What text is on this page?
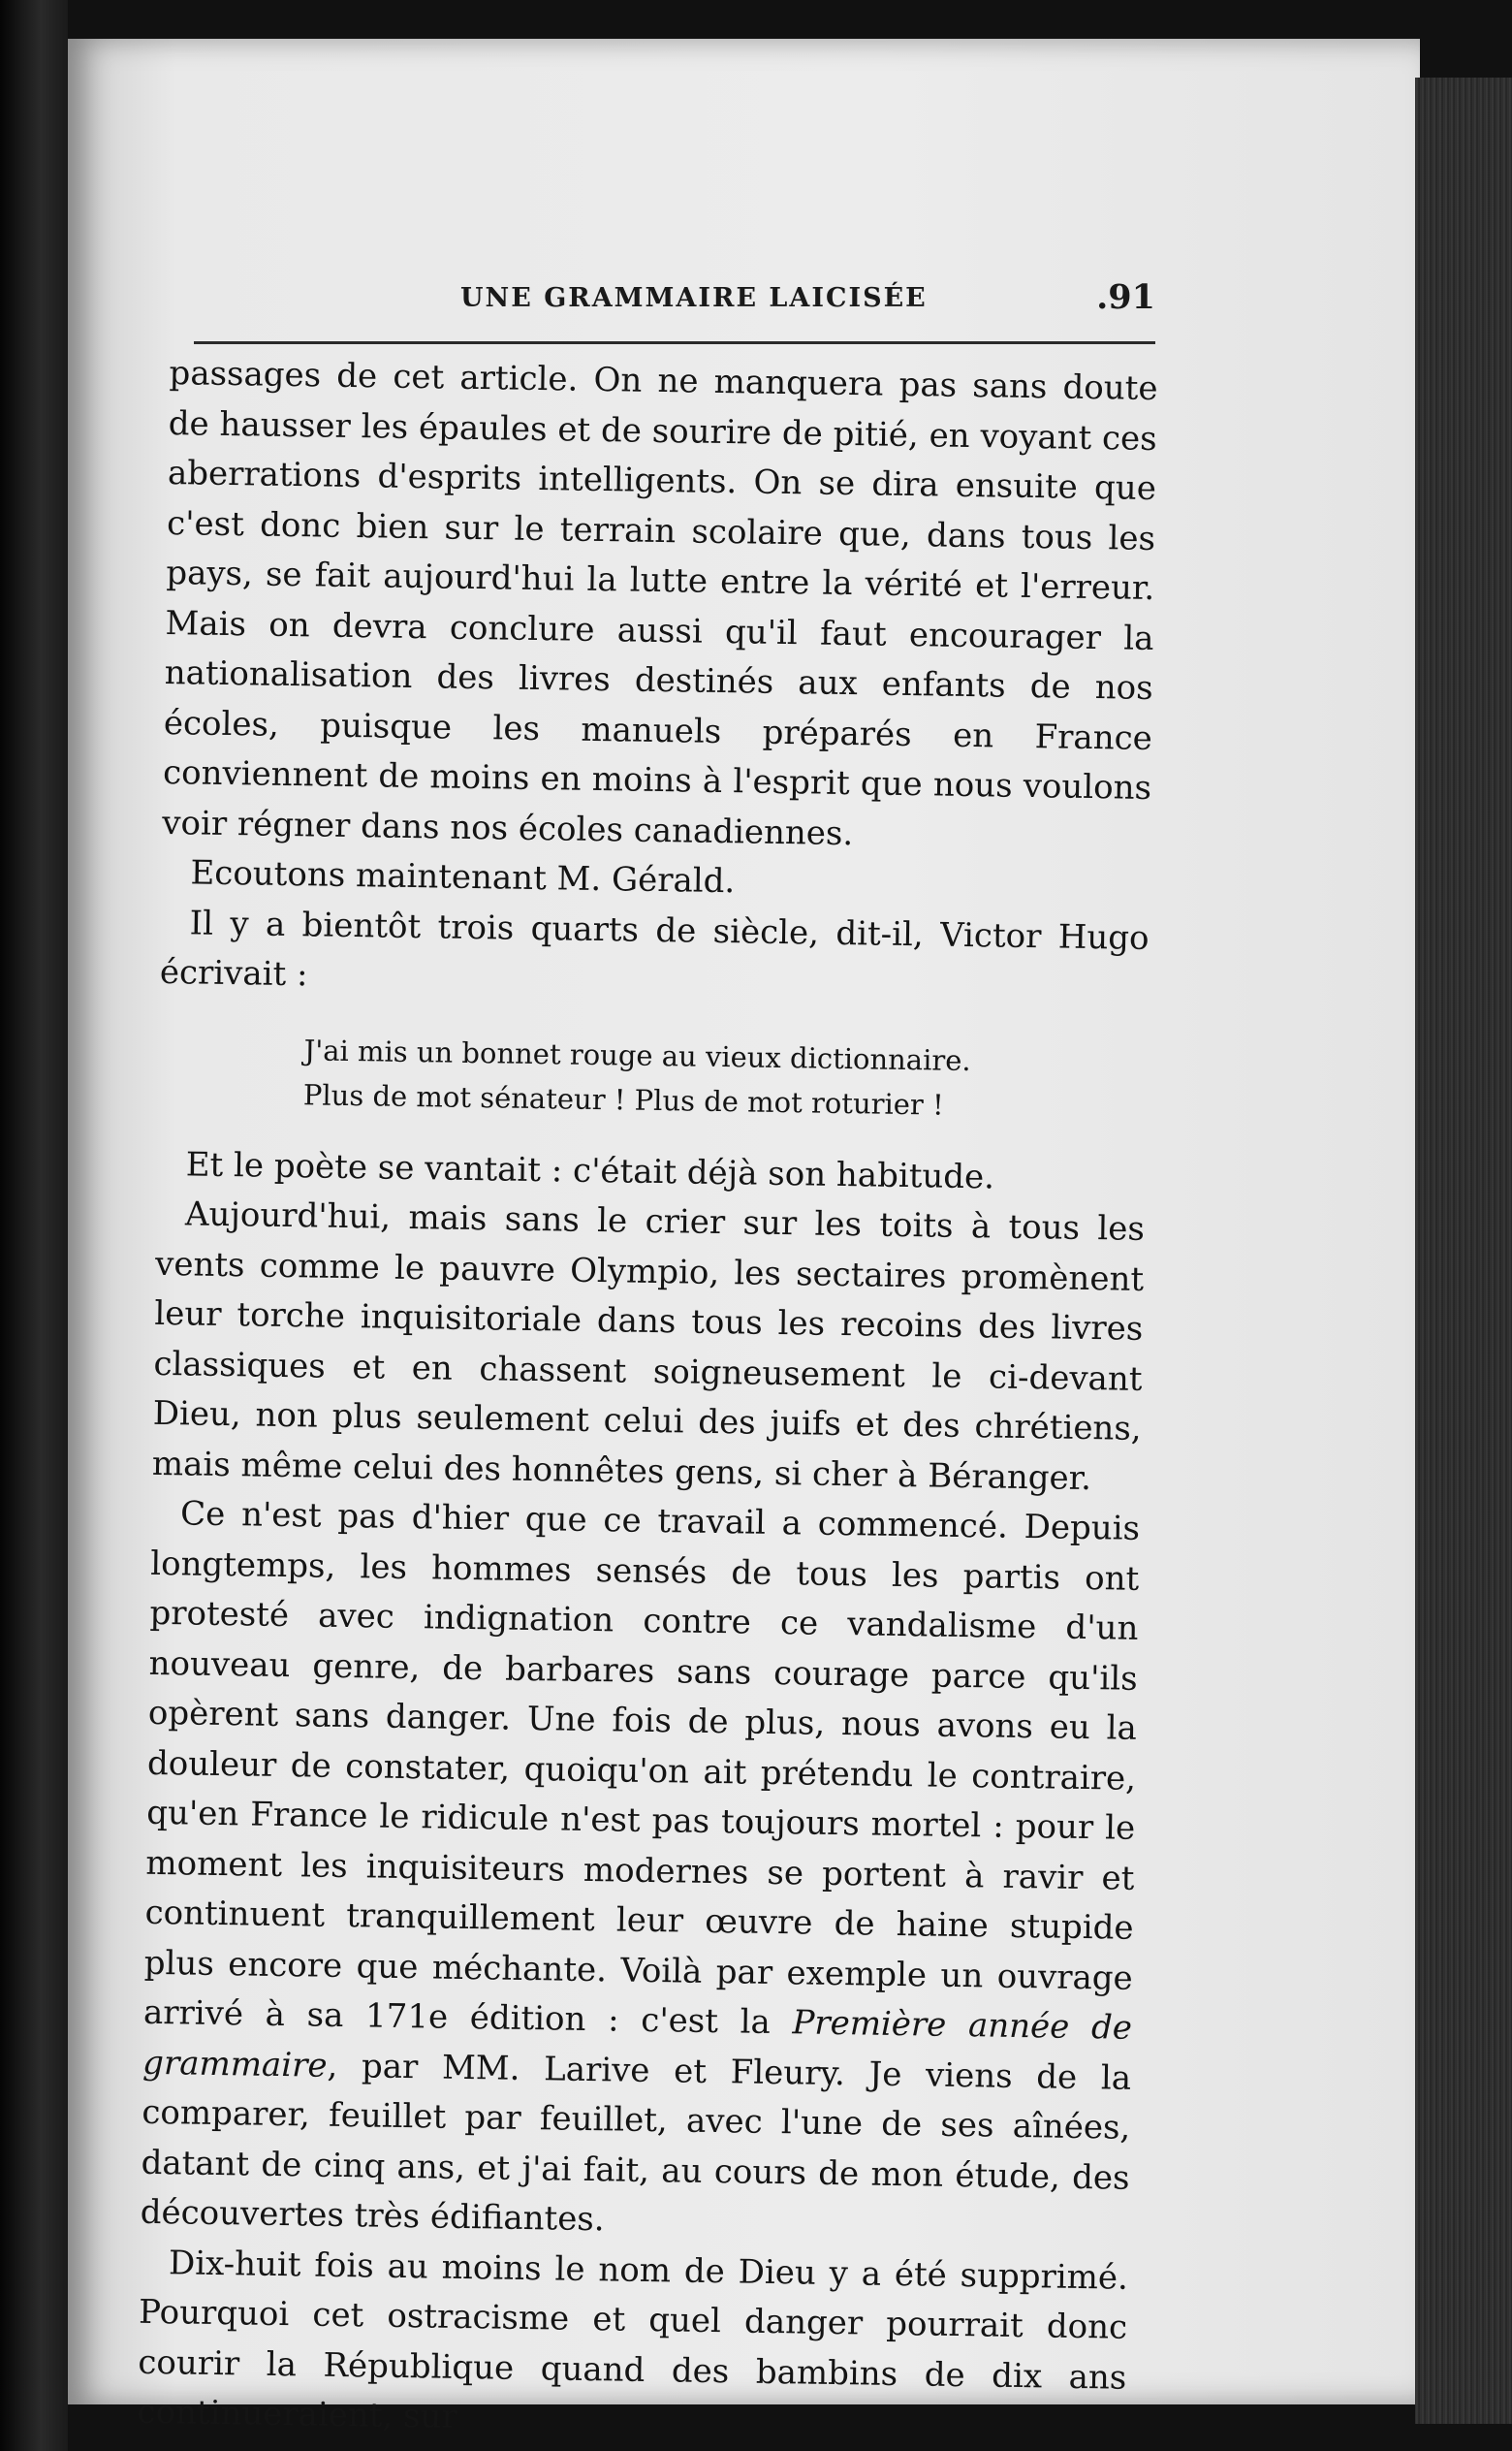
UNE GRAMMAIRE LAICISÉE	.91

passages de cet article. On ne manquera pas sans doute de hausser les épaules et de sourire de pitié, en voyant ces aberrations d'esprits intelligents. On se dira ensuite que c'est donc bien sur le terrain scolaire que, dans tous les pays, se fait aujourd'hui la lutte entre la vérité et l'erreur. Mais on devra conclure aussi qu'il faut encourager la nationalisation des livres destinés aux enfants de nos écoles, puisque les manuels préparés en France conviennent de moins en moins à l'esprit que nous voulons voir régner dans nos écoles canadiennes.

Ecoutons maintenant M. Gérald.

Il y a bientôt trois quarts de siècle, dit-il, Victor Hugo écrivait :

J'ai mis un bonnet rouge au vieux dictionnaire.
Plus de mot sénateur ! Plus de mot roturier !

Et le poète se vantait : c'était déjà son habitude.

Aujourd'hui, mais sans le crier sur les toits à tous les vents comme le pauvre Olympio, les sectaires promènent leur torche inquisitoriale dans tous les recoins des livres classiques et en chassent soigneusement le ci-devant Dieu, non plus seulement celui des juifs et des chrétiens, mais même celui des honnêtes gens, si cher à Béranger.

Ce n'est pas d'hier que ce travail a commencé. Depuis longtemps, les hommes sensés de tous les partis ont protesté avec indignation contre ce vandalisme d'un nouveau genre, de barbares sans courage parce qu'ils opèrent sans danger. Une fois de plus, nous avons eu la douleur de constater, quoiqu'on ait prétendu le contraire, qu'en France le ridicule n'est pas toujours mortel : pour le moment les inquisiteurs modernes se portent à ravir et continuent tranquillement leur œuvre de haine stupide plus encore que méchante. Voilà par exemple un ouvrage arrivé à sa 171e édition : c'est la Première année de grammaire, par MM. Larive et Fleury. Je viens de la comparer, feuillet par feuillet, avec l'une de ses aînées, datant de cinq ans, et j'ai fait, au cours de mon étude, des découvertes très édifiantes.

Dix-huit fois au moins le nom de Dieu y a été supprimé. Pourquoi cet ostracisme et quel danger pourrait donc courir la République quand des bambins de dix ans continueraient, sur
